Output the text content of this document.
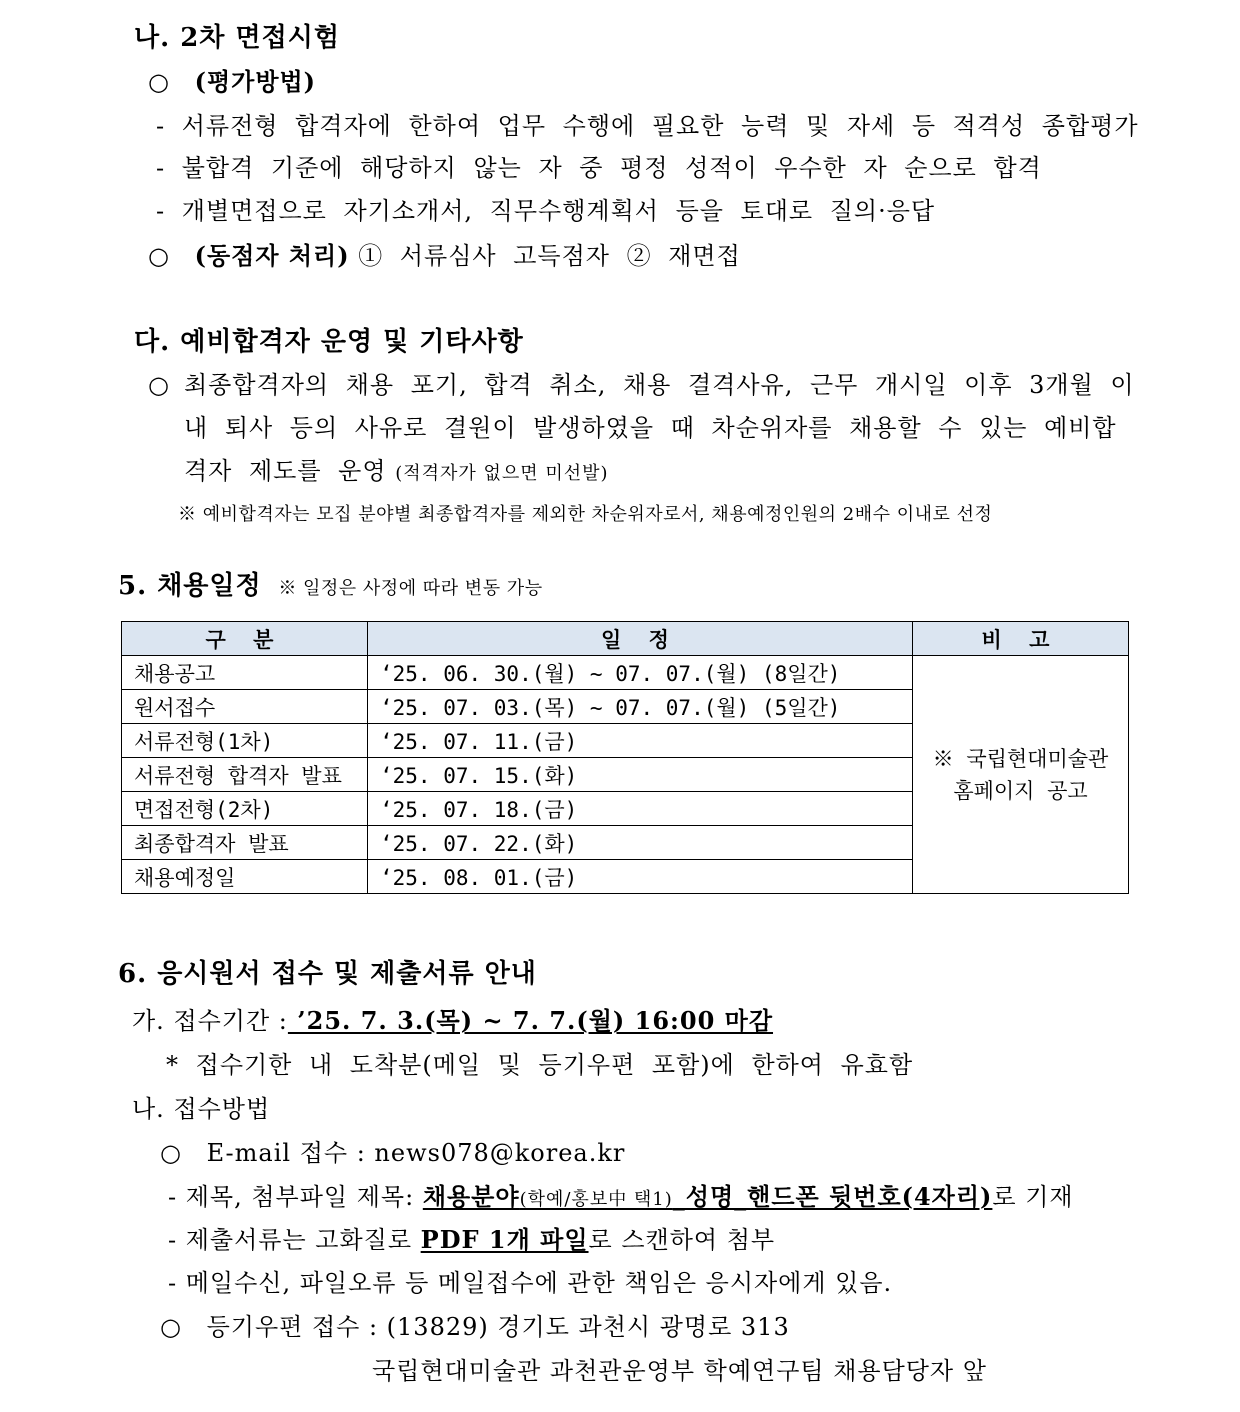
나. 2차 면접시험
○ (평가방법)
- 서류전형 합격자에 한하여 업무 수행에 필요한 능력 및 자세 등 적격성 종합평가
- 불합격 기준에 해당하지 않는 자 중 평정 성적이 우수한 자 순으로 합격
- 개별면접으로 자기소개서, 직무수행계획서 등을 토대로 질의·응답
○ (동점자 처리) ① 서류심사 고득점자 ② 재면접
다. 예비합격자 운영 및 기타사항
○ 최종합격자의 채용 포기, 합격 취소, 채용 결격사유, 근무 개시일 이후 3개월 이
내 퇴사 등의 사유로 결원이 발생하였을 때 차순위자를 채용할 수 있는 예비합
격자 제도를 운영 (적격자가 없으면 미선발)
※ 예비합격자는 모집 분야별 최종합격자를 제외한 차순위자로서, 채용예정인원의 2배수 이내로 선정
5. 채용일정 ※ 일정은 사정에 따라 변동 가능
구 분	일 정	비 고
채용공고	‘25. 06. 30.(월) ~ 07. 07.(월) (8일간)	※ 국립현대미술관
홈페이지 공고

원서접수	‘25. 07. 03.(목) ~ 07. 07.(월) (5일간)	
서류전형(1차)	‘25. 07. 11.(금)	
서류전형 합격자 발표	‘25. 07. 15.(화)	
면접전형(2차)	‘25. 07. 18.(금)	
최종합격자 발표	‘25. 07. 22.(화)	
채용예정일	‘25. 08. 01.(금)	
6. 응시원서 접수 및 제출서류 안내
가. 접수기간 : ’25. 7. 3.(목) ~ 7. 7.(월) 16:00 마감
* 접수기한 내 도착분(메일 및 등기우편 포함)에 한하여 유효함
나. 접수방법
○ E-mail 접수 : news078@korea.kr
- 제목, 첨부파일 제목: 채용분야(학예/홍보中 택1)_성명_핸드폰 뒷번호(4자리)로 기재
- 제출서류는 고화질로 PDF 1개 파일로 스캔하여 첨부
- 메일수신, 파일오류 등 메일접수에 관한 책임은 응시자에게 있음.
○ 등기우편 접수 : (13829) 경기도 과천시 광명로 313
국립현대미술관 과천관운영부 학예연구팀 채용담당자 앞
